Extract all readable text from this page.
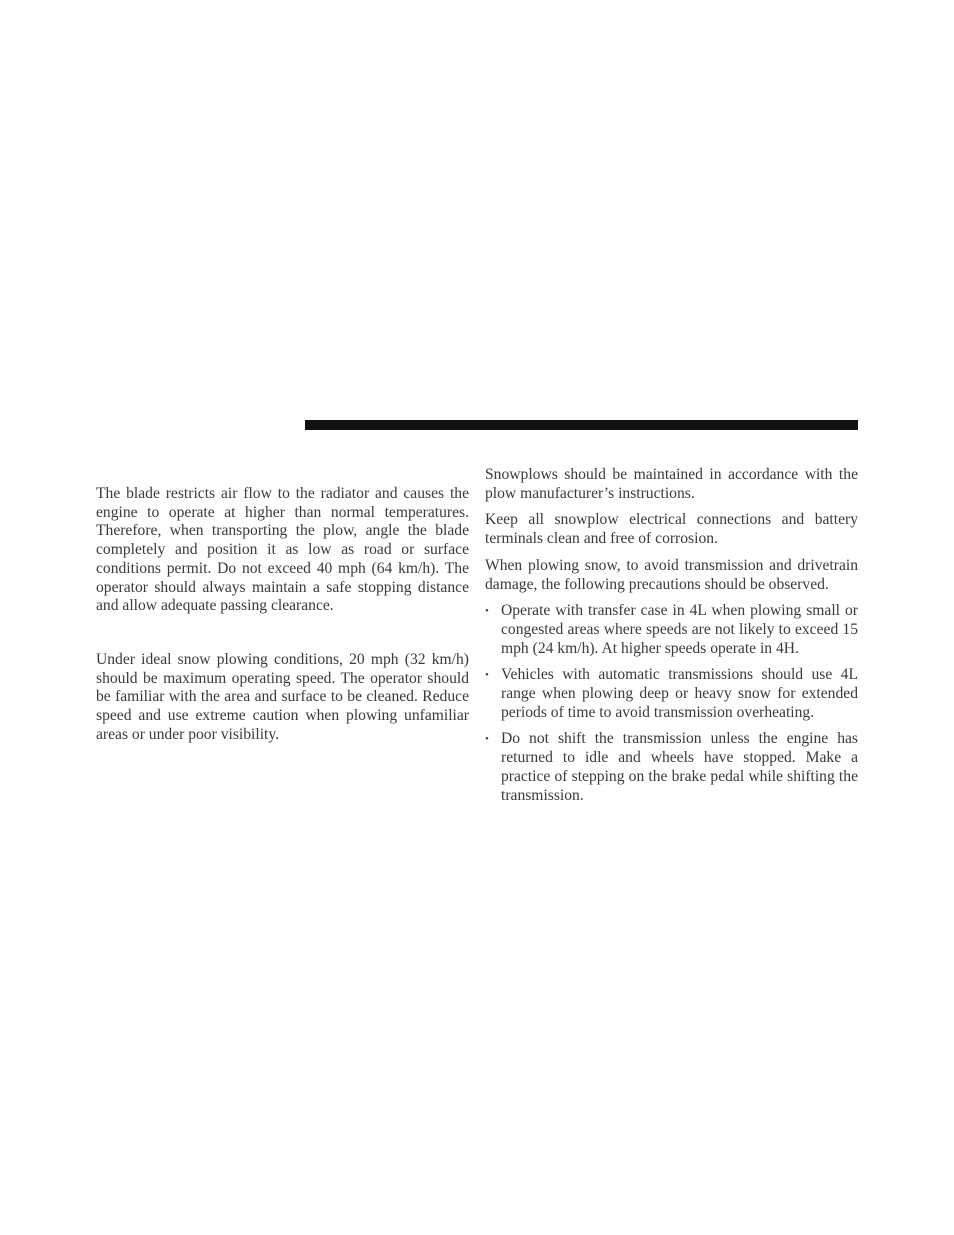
The blade restricts air flow to the radiator and causes the engine to operate at higher than normal temperatures. Therefore, when transporting the plow, angle the blade completely and position it as low as road or surface conditions permit. Do not exceed 40 mph (64 km/h). The operator should always maintain a safe stopping distance and allow adequate passing clearance.

Under ideal snow plowing conditions, 20 mph (32 km/h) should be maximum operating speed. The operator should be familiar with the area and surface to be cleaned. Reduce speed and use extreme caution when plowing unfamiliar areas or under poor visibility.

Snowplows should be maintained in accordance with the plow manufacturer’s instructions.

Keep all snowplow electrical connections and battery terminals clean and free of corrosion.

When plowing snow, to avoid transmission and drivetrain damage, the following precautions should be observed.

• Operate with transfer case in 4L when plowing small or congested areas where speeds are not likely to exceed 15 mph (24 km/h). At higher speeds operate in 4H.
• Vehicles with automatic transmissions should use 4L range when plowing deep or heavy snow for extended periods of time to avoid transmission overheating.
• Do not shift the transmission unless the engine has returned to idle and wheels have stopped. Make a practice of stepping on the brake pedal while shifting the transmission.
